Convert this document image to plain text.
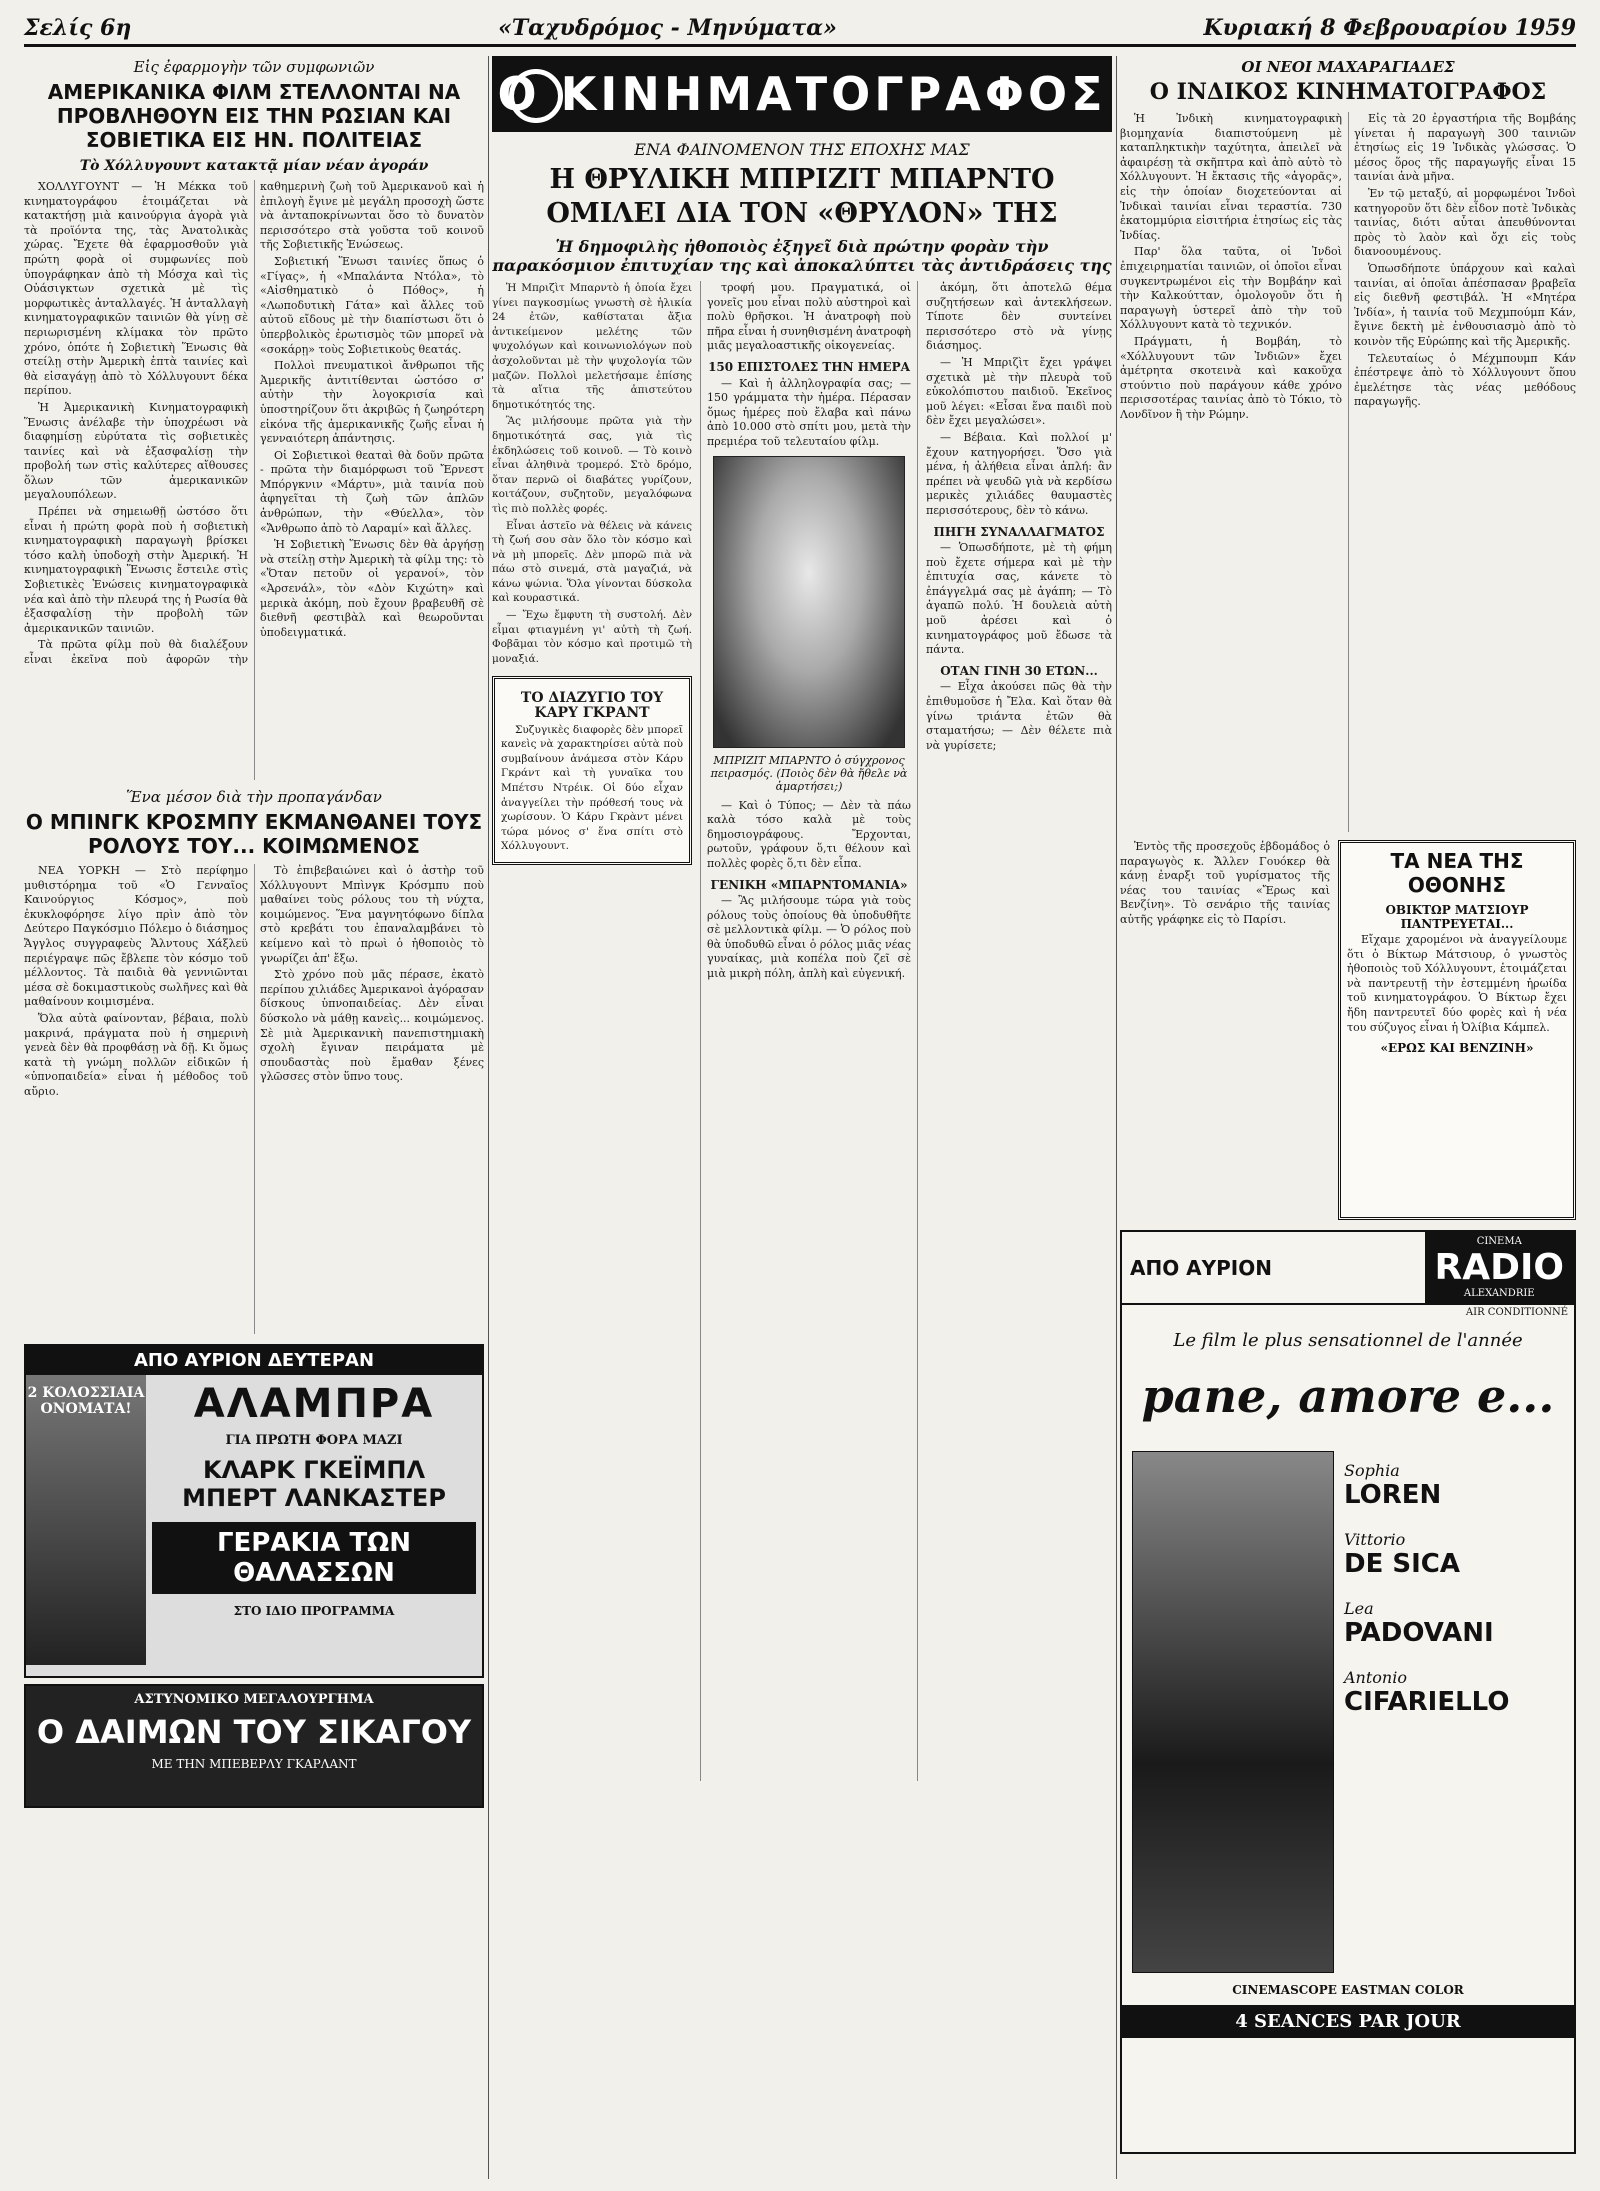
Σελίς 6η	«Ταχυδρόμος - Μηνύματα»	Κυριακή 8 Φεβρουαρίου 1959
Εἰς ἐφαρμογὴν τῶν συμφωνιῶν
ΑΜΕΡΙΚΑΝΙΚΑ ΦΙΛΜ ΣΤΕΛΛΟΝΤΑΙ ΝΑ ΠΡΟΒΛΗΘΟΥΝ ΕΙΣ ΤΗΝ ΡΩΣΙΑΝ ΚΑΙ ΣΟΒΙΕΤΙΚΑ ΕΙΣ ΗΝ. ΠΟΛΙΤΕΙΑΣ
Τὸ Χόλλυγουντ κατακτᾷ μίαν νέαν ἀγοράν

ΧΟΛΛΥΓΟΥΝΤ — Ἡ Μέκκα τοῦ κινηματογράφου ἑτοιμάζεται νὰ κατακτήσῃ μιὰ καινούργια ἀγορὰ γιὰ τὰ προϊόντα της, τὰς Ἀνατολικὰς χώρας. Ἔχετε θὰ ἐφαρμοσθοῦν γιὰ πρώτη φορὰ οἱ συμφωνίες ποὺ ὑπογράφηκαν ἀπὸ τὴ Μόσχα καὶ τὶς Οὐάσιγκτων σχετικὰ μὲ τὶς μορφωτικὲς ἀνταλλαγές. Ἡ ἀνταλλαγὴ κινηματογραφικῶν ταινιῶν θὰ γίνῃ σὲ περιωρισμένη κλίμακα τὸν πρῶτο χρόνο, ὁπότε ἡ Σοβιετικὴ Ἕνωσις θὰ στείλῃ στὴν Ἀμερικὴ ἑπτὰ ταινίες καὶ θὰ εἰσαγάγῃ ἀπὸ τὸ Χόλλυγουντ δέκα περίπου.

Ἡ Ἀμερικανικὴ Κινηματογραφικὴ Ἕνωσις ἀνέλαβε τὴν ὑποχρέωσι νὰ διαφημίσῃ εὐρύτατα τὶς σοβιετικὲς ταινίες καὶ νὰ ἐξασφαλίσῃ τὴν προβολή των στὶς καλύτερες αἴθουσες ὅλων τῶν ἀμερικανικῶν μεγαλουπόλεων.

Πρέπει νὰ σημειωθῇ ὡστόσο ὅτι εἶναι ἡ πρώτη φορὰ ποὺ ἡ σοβιετικὴ κινηματογραφικὴ παραγωγὴ βρίσκει τόσο καλὴ ὑποδοχὴ στὴν Ἀμερική. Ἡ κινηματογραφικὴ Ἕνωσις ἔστειλε στὶς Σοβιετικὲς Ἑνώσεις κινηματογραφικὰ νέα καὶ ἀπὸ τὴν πλευρά της ἡ Ρωσία θὰ ἐξασφαλίσῃ τὴν προβολὴ τῶν ἀμερικανικῶν ταινιῶν.

Τὰ πρῶτα φίλμ ποὺ θὰ διαλέξουν εἶναι ἐκεῖνα ποὺ ἀφορῶν τὴν καθημερινὴ ζωὴ τοῦ Ἀμερικανοῦ καὶ ἡ ἐπιλογὴ ἔγινε μὲ μεγάλη προσοχὴ ὥστε νὰ ἀνταποκρίνωνται ὅσο τὸ δυνατὸν περισσότερο στὰ γοῦστα τοῦ κοινοῦ τῆς Σοβιετικῆς Ἑνώσεως.

Σοβιετική Ἕνωσι ταινίες ὅπως ὁ «Γίγας», ἡ «Μπαλάντα Ντόλα», τὸ «Αἰσθηματικὸ ὁ Πόθος», ἡ «Λωποδυτικὴ Γάτα» καὶ ἄλλες τοῦ αὐτοῦ εἴδους μὲ τὴν διαπίστωσι ὅτι ὁ ὑπερβολικὸς ἐρωτισμὸς τῶν μπορεῖ νὰ «σοκάρῃ» τοὺς Σοβιετικοὺς θεατάς.

Πολλοὶ πνευματικοὶ ἄνθρωποι τῆς Ἀμερικῆς ἀντιτίθενται ὡστόσο σ' αὐτὴν τὴν λογοκρισία καὶ ὑποστηρίζουν ὅτι ἀκριβῶς ἡ ζωηρότερη εἰκόνα τῆς ἀμερικανικῆς ζωῆς εἶναι ἡ γενναιότερη ἀπάντησις.

Οἱ Σοβιετικοὶ θεαταὶ θὰ δοῦν πρῶτα - πρῶτα τὴν διαμόρφωσι τοῦ Ἔρνεστ Μπόργκνιν «Μάρτυ», μιὰ ταινία ποὺ ἀφηγεῖται τὴ ζωὴ τῶν ἁπλῶν ἀνθρώπων, τὴν «Θύελλα», τὸν «Ἄνθρωπο ἀπὸ τὸ Λαραμί» καὶ ἄλλες.

Ἡ Σοβιετικὴ Ἕνωσις δὲν θὰ ἀργήσῃ νὰ στείλῃ στὴν Ἀμερικὴ τὰ φίλμ της: τὸ «Ὅταν πετοῦν οἱ γερανοί», τὸν «Ἀρσενάλ», τὸν «Δὸν Κιχώτη» καὶ μερικὰ ἀκόμη, ποὺ ἔχουν βραβευθῆ σὲ διεθνῆ φεστιβὰλ καὶ θεωροῦνται ὑποδειγματικά.

Ἕνα μέσον διὰ τὴν προπαγάνδαν
Ο ΜΠΙΝΓΚ ΚΡΟΣΜΠΥ ΕΚΜΑΝΘΑΝΕΙ ΤΟΥΣ ΡΟΛΟΥΣ ΤΟΥ... ΚΟΙΜΩΜΕΝΟΣ

ΝΕΑ ΥΟΡΚΗ — Στὸ περίφημο μυθιστόρημα τοῦ «Ὁ Γενναῖος Καινούργιος Κόσμος», ποὺ ἐκυκλοφόρησε λίγο πρὶν ἀπὸ τὸν Δεύτερο Παγκόσμιο Πόλεμο ὁ διάσημος Ἄγγλος συγγραφεὺς Ἄλντους Χάξλεϋ περιέγραψε πῶς ἔβλεπε τὸν κόσμο τοῦ μέλλοντος. Τὰ παιδιὰ θὰ γεννιῶνται μέσα σὲ δοκιμαστικοὺς σωλῆνες καὶ θὰ μαθαίνουν κοιμισμένα.

Ὅλα αὐτὰ φαίνονταν, βέβαια, πολὺ μακρινά, πράγματα ποὺ ἡ σημερινὴ γενεὰ δὲν θὰ προφθάσῃ νὰ δῇ. Κι ὅμως κατὰ τὴ γνώμη πολλῶν εἰδικῶν ἡ «ὑπνοπαιδεία» εἶναι ἡ μέθοδος τοῦ αὔριο.

Τὸ ἐπιβεβαιώνει καὶ ὁ ἀστὴρ τοῦ Χόλλυγουντ Μπὶνγκ Κρόσμπυ ποὺ μαθαίνει τοὺς ρόλους του τὴ νύχτα, κοιμώμενος. Ἕνα μαγνητόφωνο δίπλα στὸ κρεβάτι του ἐπαναλαμβάνει τὸ κείμενο καὶ τὸ πρωὶ ὁ ἠθοποιὸς τὸ γνωρίζει ἀπ' ἔξω.

Στὸ χρόνο ποὺ μᾶς πέρασε, ἐκατὸ περίπου χιλιάδες Ἀμερικανοὶ ἀγόρασαν δίσκους ὑπνοπαιδείας. Δὲν εἶναι δύσκολο νὰ μάθῃ κανεὶς... κοιμώμενος. Σὲ μιὰ Ἀμερικανικὴ πανεπιστημιακὴ σχολὴ ἔγιναν πειράματα μὲ σπουδαστὰς ποὺ ἔμαθαν ξένες γλῶσσες στὸν ὕπνο τους.

ΑΠΟ ΑΥΡΙΟΝ ΔΕΥΤΕΡΑΝ
2 ΚΟΛΟΣΣΙΑΙΑ ΟΝΟΜΑΤΑ!	ΑΛΑΜΠΡΑ
ΓΙΑ ΠΡΩΤΗ ΦΟΡΑ ΜΑΖΙ
ΚΛΑΡΚ ΓΚΕΪΜΠΛ
ΜΠΕΡΤ ΛΑΝΚΑΣΤΕΡ
ΓΕΡΑΚΙΑ ΤΩΝ ΘΑΛΑΣΣΩΝ
ΣΤΟ ΙΔΙΟ ΠΡΟΓΡΑΜΜΑ
ΑΣΤΥΝΟΜΙΚΟ ΜΕΓΑΛΟΥΡΓΗΜΑ
Ο ΔΑΙΜΩΝ ΤΟΥ ΣΙΚΑΓΟΥ
ΜΕ ΤΗΝ ΜΠΕΒΕΡΛΥ ΓΚΑΡΛΑΝΤ
Ο ΚΙΝΗΜΑΤΟΓΡΑΦΟΣ
ΕΝΑ ΦΑΙΝΟΜΕΝΟΝ ΤΗΣ ΕΠΟΧΗΣ ΜΑΣ
Η ΘΡΥΛΙΚΗ ΜΠΡΙΖΙΤ ΜΠΑΡΝΤΟ ΟΜΙΛΕΙ ΔΙΑ ΤΟΝ «ΘΡΥΛΟΝ» ΤΗΣ
Ἡ δημοφιλὴς ἠθοποιὸς ἐξηγεῖ διὰ πρώτην φορὰν τὴν παρακόσμιον ἐπιτυχίαν της καὶ ἀποκαλύπτει τὰς ἀντιδράσεις της

Ἡ Μπριζὶτ Μπαρντὸ ἡ ὁποία ἔχει γίνει παγκοσμίως γνωστὴ σὲ ἡλικία 24 ἐτῶν, καθίσταται ἄξια ἀντικείμενον μελέτης τῶν ψυχολόγων καὶ κοινωνιολόγων ποὺ ἀσχολοῦνται μὲ τὴν ψυχολογία τῶν μαζῶν. Πολλοὶ μελετήσαμε ἐπίσης τὰ αἴτια τῆς ἀπιστεύτου δημοτικότητός της.

Ἂς μιλήσουμε πρῶτα γιὰ τὴν δημοτικότητά σας, γιὰ τὶς ἐκδηλώσεις τοῦ κοινοῦ. — Τὸ κοινὸ εἶναι ἀληθινὰ τρομερό. Στὸ δρόμο, ὅταν περνῶ οἱ διαβάτες γυρίζουν, κοιτάζουν, συζητοῦν, μεγαλόφωνα τὶς πιὸ πολλὲς φορές.

Εἶναι ἀστεῖο νὰ θέλεις νὰ κάνεις τὴ ζωή σου σὰν ὅλο τὸν κόσμο καὶ νὰ μὴ μπορεῖς. Δὲν μπορῶ πιὰ νὰ πάω στὸ σινεμά, στὰ μαγαζιά, νὰ κάνω ψώνια. Ὅλα γίνονται δύσκολα καὶ κουραστικά.

— Ἔχω ἔμφυτη τὴ συστολή. Δὲν εἶμαι φτιαγμένη γι' αὐτὴ τὴ ζωή. Φοβᾶμαι τὸν κόσμο καὶ προτιμῶ τὴ μοναξιά.

ΤΟ ΔΙΑΖΥΓΙΟ ΤΟΥ ΚΑΡΥ ΓΚΡΑΝΤ

Συζυγικὲς διαφορὲς δὲν μπορεῖ κανεὶς νὰ χαρακτηρίσει αὐτὰ ποὺ συμβαίνουν ἀνάμεσα στὸν Κάρυ Γκράντ καὶ τὴ γυναῖκα του Μπέτσυ Ντρέικ. Οἱ δύο εἶχαν ἀναγγείλει τὴν πρόθεσή τους νὰ χωρίσουν. Ὁ Κάρυ Γκρὰντ μένει τώρα μόνος σ' ἕνα σπίτι στὸ Χόλλυγουντ.

τροφή μου. Πραγματικά, οἱ γονεῖς μου εἶναι πολὺ αὐστηροὶ καὶ πολὺ θρῆσκοι. Ἡ ἀνατροφὴ ποὺ πῆρα εἶναι ἡ συνηθισμένη ἀνατροφὴ μιᾶς μεγαλοαστικῆς οἰκογενείας.

150 ΕΠΙΣΤΟΛΕΣ ΤΗΝ ΗΜΕΡΑ

— Καὶ ἡ ἀλληλογραφία σας; — 150 γράμματα τὴν ἡμέρα. Πέρασαν ὅμως ἡμέρες ποὺ ἔλαβα καὶ πάνω ἀπὸ 10.000 στὸ σπίτι μου, μετὰ τὴν πρεμιέρα τοῦ τελευταίου φίλμ.

ΜΠΡΙΖΙΤ ΜΠΑΡΝΤΟ ὁ σύγχρονος πειρασμός. (Ποιὸς δὲν θὰ ἤθελε νὰ ἁμαρτήσει;)

— Καὶ ὁ Τύπος; — Δὲν τὰ πάω καλὰ τόσο καλὰ μὲ τοὺς δημοσιογράφους. Ἔρχονται, ρωτοῦν, γράφουν ὅ,τι θέλουν καὶ πολλὲς φορὲς ὅ,τι δὲν εἶπα.

ΓΕΝΙΚΗ «ΜΠΑΡΝΤΟΜΑΝΙΑ»

— Ἂς μιλήσουμε τώρα γιὰ τοὺς ρόλους τοὺς ὁποίους θὰ ὑποδυθῆτε σὲ μελλοντικὰ φίλμ. — Ὁ ρόλος ποὺ θὰ ὑποδυθῶ εἶναι ὁ ρόλος μιᾶς νέας γυναίκας, μιὰ κοπέλα ποὺ ζεῖ σὲ μιὰ μικρὴ πόλη, ἀπλὴ καὶ εὐγενική.

ἀκόμη, ὅτι ἀποτελῶ θέμα συζητήσεων καὶ ἀντεκλήσεων. Τίποτε δὲν συντείνει περισσότερο στὸ νὰ γίνῃς διάσημος.

— Ἡ Μπριζὶτ ἔχει γράψει σχετικὰ μὲ τὴν πλευρὰ τοῦ εὐκολόπιστου παιδιοῦ. Ἐκεῖνος μοῦ λέγει: «Εἶσαι ἕνα παιδὶ ποὺ δὲν ἔχει μεγαλώσει».

— Βέβαια. Καὶ πολλοί μ' ἔχουν κατηγορήσει. Ὅσο γιὰ μένα, ἡ ἀλήθεια εἶναι ἁπλή: ἂν πρέπει νὰ ψευδῶ γιὰ νὰ κερδίσω μερικὲς χιλιάδες θαυμαστὲς περισσότερους, δὲν τὸ κάνω.

ΠΗΓΗ ΣΥΝΑΛΛΑΓΜΑΤΟΣ

— Ὁπωσδήποτε, μὲ τὴ φήμη ποὺ ἔχετε σήμερα καὶ μὲ τὴν ἐπιτυχία σας, κάνετε τὸ ἐπάγγελμά σας μὲ ἀγάπη; — Τὸ ἀγαπῶ πολύ. Ἡ δουλειὰ αὐτὴ μοῦ ἀρέσει καὶ ὁ κινηματογράφος μοῦ ἔδωσε τὰ πάντα.

ΟΤΑΝ ΓΙΝΗ 30 ΕΤΩΝ...

— Εἶχα ἀκούσει πῶς θὰ τὴν ἐπιθυμοῦσε ἡ Ἔλα. Καὶ ὅταν θὰ γίνω τριάντα ἐτῶν θὰ σταματήσω; — Δὲν θέλετε πιὰ νὰ γυρίσετε;

ΟΙ ΝΕΟΙ ΜΑΧΑΡΑΓΙΑΔΕΣ
Ο ΙΝΔΙΚΟΣ ΚΙΝΗΜΑΤΟΓΡΑΦΟΣ

Ἡ Ἰνδικὴ κινηματογραφικὴ βιομηχανία διαπιστούμενη μὲ καταπληκτικὴν ταχύτητα, ἀπειλεῖ νὰ ἀφαιρέσῃ τὰ σκῆπτρα καὶ ἀπὸ αὐτὸ τὸ Χόλλυγουντ. Ἡ ἔκτασις τῆς «ἀγορᾶς», εἰς τὴν ὁποίαν διοχετεύονται αἱ Ἰνδικαὶ ταινίαι εἶναι τεραστία. 730 ἑκατομμύρια εἰσιτήρια ἐτησίως εἰς τὰς Ἰνδίας.

Παρ' ὅλα ταῦτα, οἱ Ἰνδοὶ ἐπιχειρηματίαι ταινιῶν, οἱ ὁποῖοι εἶναι συγκεντρωμένοι εἰς τὴν Βομβάην καὶ τὴν Καλκούτταν, ὁμολογοῦν ὅτι ἡ παραγωγὴ ὑστερεῖ ἀπὸ τὴν τοῦ Χόλλυγουντ κατὰ τὸ τεχνικόν.

Πράγματι, ἡ Βομβάη, τὸ «Χόλλυγουντ τῶν Ἰνδιῶν» ἔχει ἀμέτρητα σκοτεινὰ καὶ κακοῦχα στούντιο ποὺ παράγουν κάθε χρόνο περισσοτέρας ταινίας ἀπὸ τὸ Τόκιο, τὸ Λονδῖνον ἢ τὴν Ρώμην.

Εἰς τὰ 20 ἐργαστήρια τῆς Βομβάης γίνεται ἡ παραγωγὴ 300 ταινιῶν ἐτησίως εἰς 19 Ἰνδικὰς γλώσσας. Ὁ μέσος ὅρος τῆς παραγωγῆς εἶναι 15 ταινίαι ἀνὰ μῆνα.

Ἐν τῷ μεταξύ, αἱ μορφωμένοι Ἰνδοὶ κατηγοροῦν ὅτι δὲν εἶδον ποτὲ Ἰνδικὰς ταινίας, διότι αὗται ἀπευθύνονται πρὸς τὸ λαὸν καὶ ὄχι εἰς τοὺς διανοουμένους.

Ὁπωσδήποτε ὑπάρχουν καὶ καλαὶ ταινίαι, αἱ ὁποῖαι ἀπέσπασαν βραβεῖα εἰς διεθνῆ φεστιβάλ. Ἡ «Μητέρα Ἰνδία», ἡ ταινία τοῦ Μεχμπούμπ Κάν, ἔγινε δεκτὴ μὲ ἐνθουσιασμὸ ἀπὸ τὸ κοινὸν τῆς Εὐρώπης καὶ τῆς Ἀμερικῆς.

Τελευταίως ὁ Μέχμπουμπ Κάν ἐπέστρεψε ἀπὸ τὸ Χόλλυγουντ ὅπου ἐμελέτησε τὰς νέας μεθόδους παραγωγῆς.

Ἐντὸς τῆς προσεχοῦς ἑβδομάδος ὁ παραγωγὸς κ. Ἄλλεν Γουόκερ θὰ κάνῃ ἐναρξι τοῦ γυρίσματος τῆς νέας του ταινίας «Ἔρως καὶ Βενζίνη». Τὸ σενάριο τῆς ταινίας αὐτῆς γράφηκε εἰς τὸ Παρίσι.

ΤΑ ΝΕΑ ΤΗΣ ΟΘΟΝΗΣ
ΟΒΙΚΤΩΡ ΜΑΤΣΙΟΥΡ ΠΑΝΤΡΕΥΕΤΑΙ...

Εἴχαμε χαρομένοι νὰ ἀναγγείλουμε ὅτι ὁ Βίκτωρ Μάτσιουρ, ὁ γνωστὸς ἠθοποιὸς τοῦ Χόλλυγουντ, ἑτοιμάζεται νὰ παντρευτῇ τὴν ἐστεμμένη ἡρωίδα τοῦ κινηματογράφου. Ὁ Βίκτωρ ἔχει ἤδη παντρευτεῖ δύο φορὲς καὶ ἡ νέα του σύζυγος εἶναι ἡ Ὀλίβια Κάμπελ.

«ΕΡΩΣ ΚΑΙ ΒΕΝΖΙΝΗ»
ΑΠΟ ΑΥΡΙΟΝ
CINEMA
RADIO
ALEXANDRIE
AIR CONDITIONNÉ
Le film le plus sensationnel de l'année
pane, amore e...
Sophia
LOREN
Vittorio
DE SICA
Lea
PADOVANI
Antonio
CIFARIELLO
CINEMASCOPE EASTMAN COLOR
4 SEANCES PAR JOUR
